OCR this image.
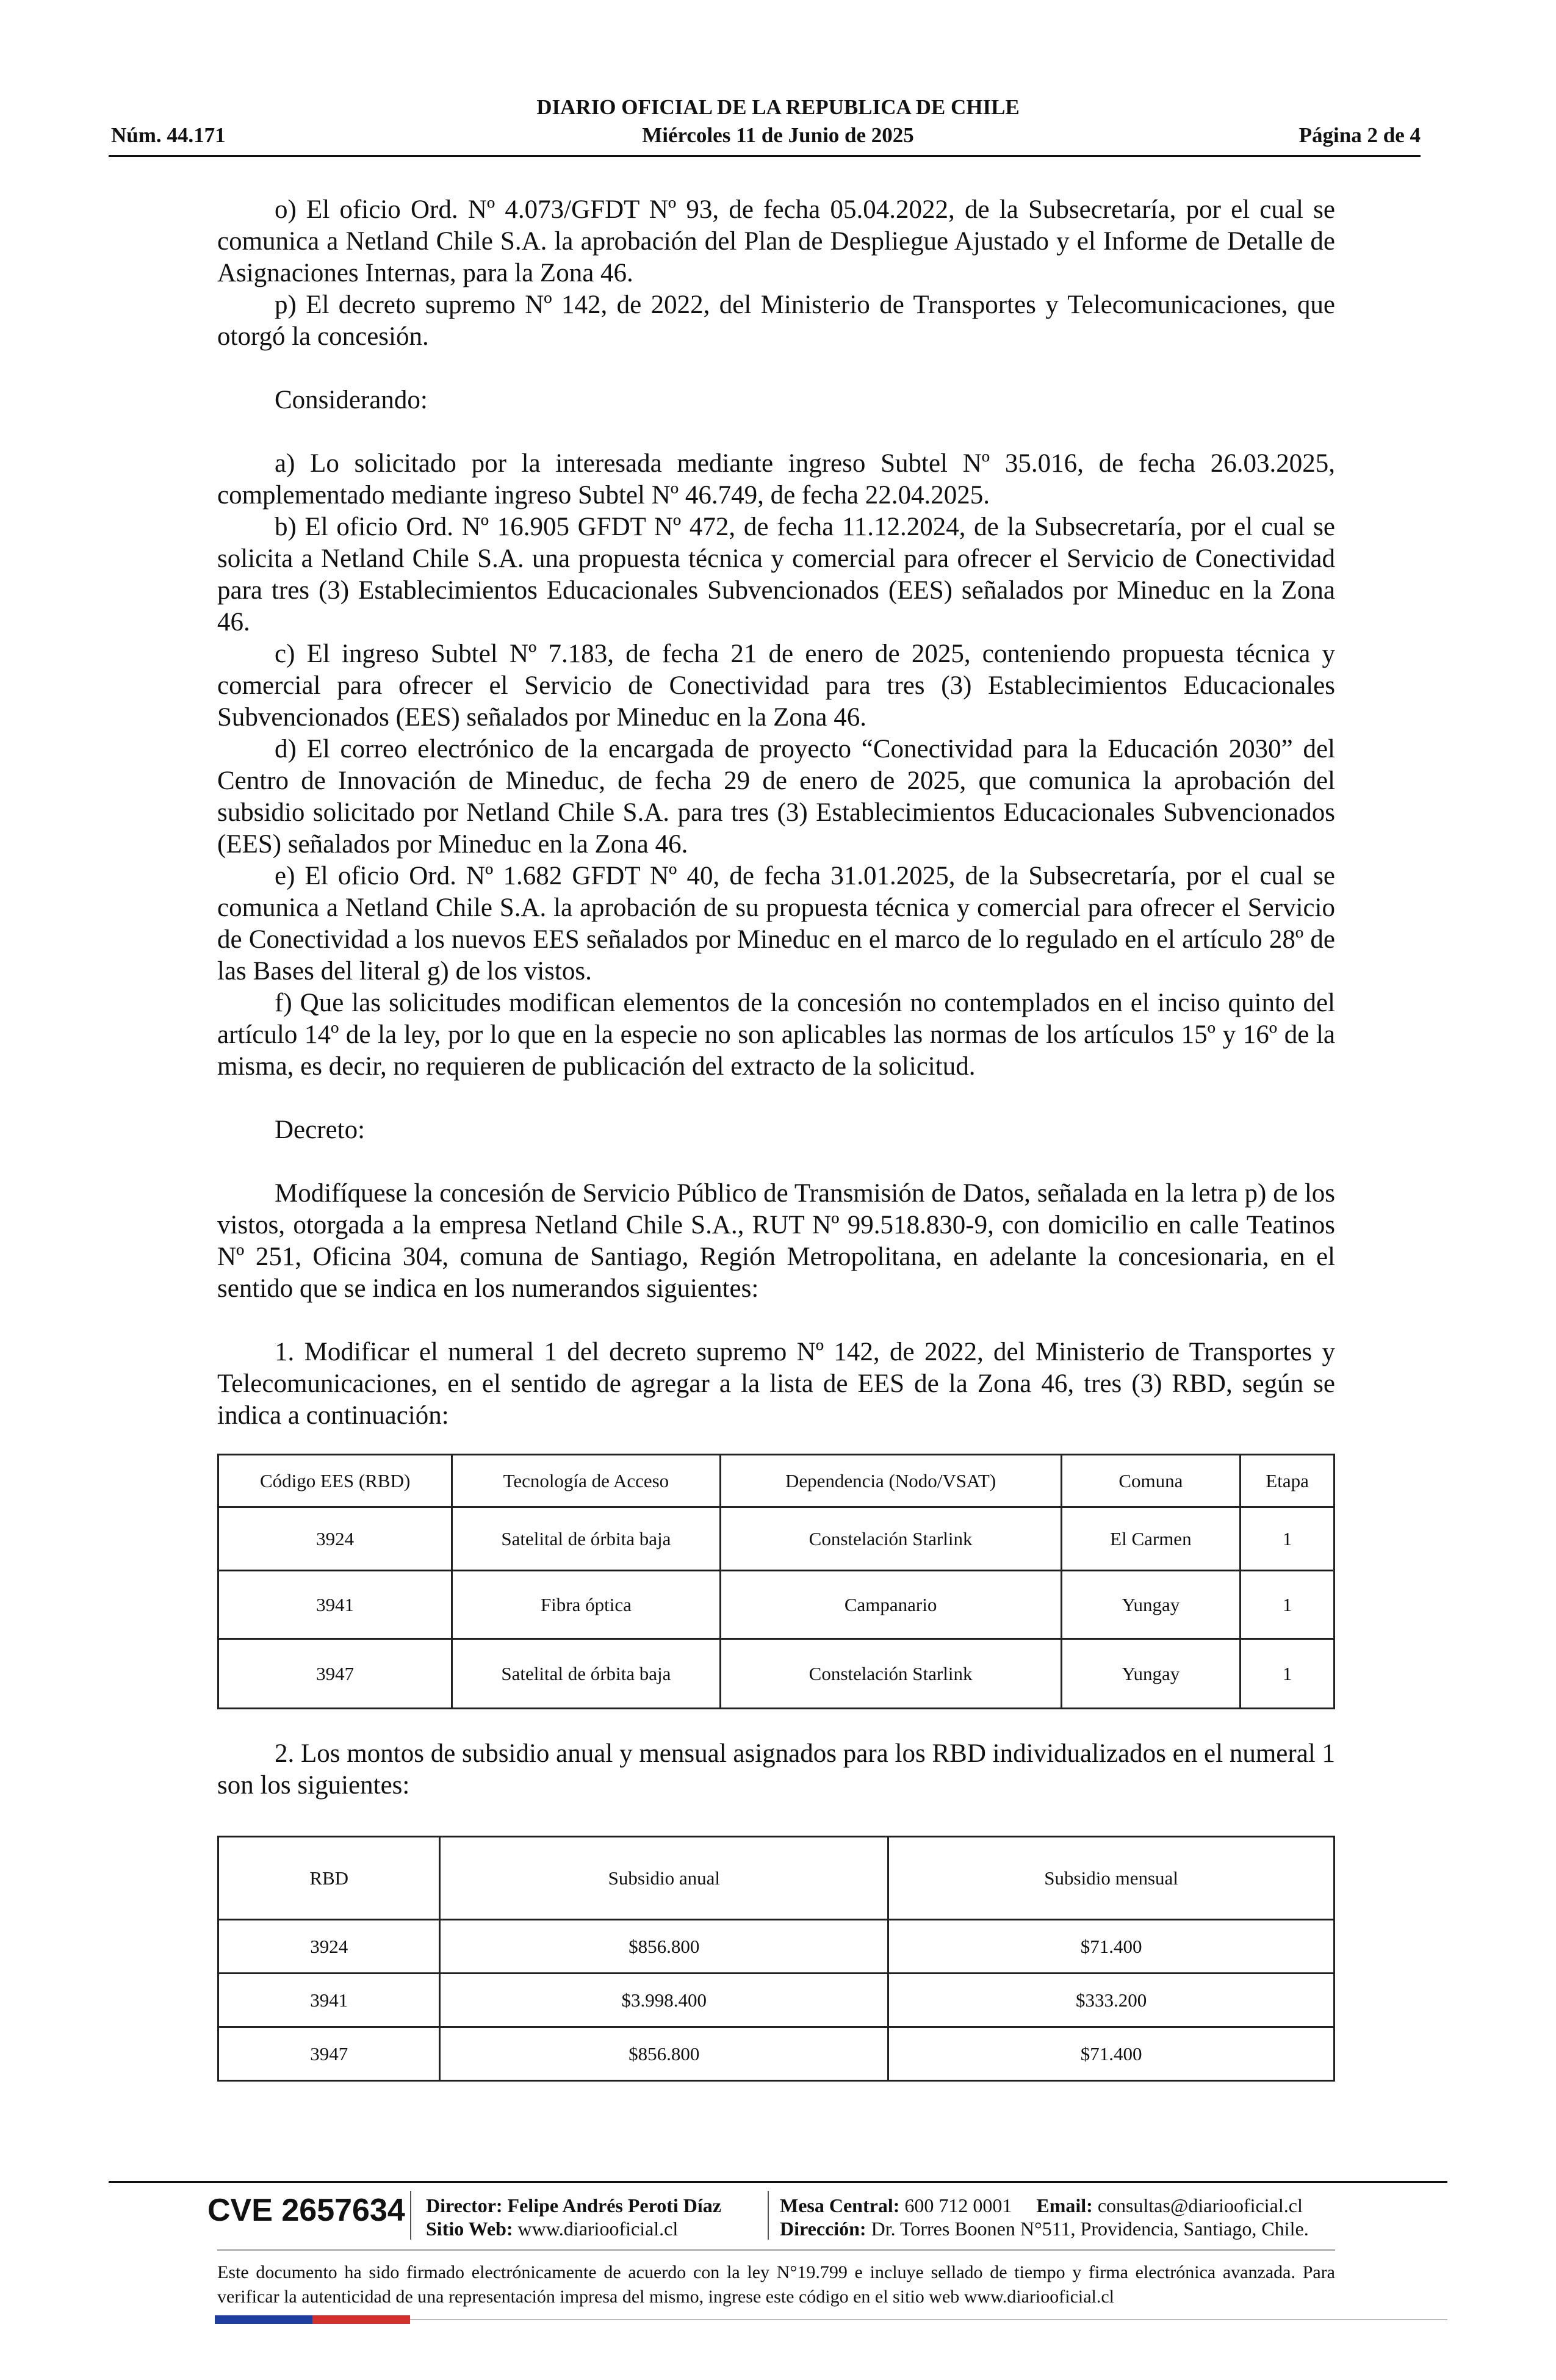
DIARIO OFICIAL DE LA REPUBLICA DE CHILE
Núm. 44.171	Miércoles 11 de Junio de 2025	Página 2 de 4

o) El oficio Ord. Nº 4.073/GFDT Nº 93, de fecha 05.04.2022, de la Subsecretaría, por el cual se comunica a Netland Chile S.A. la aprobación del Plan de Despliegue Ajustado y el Informe de Detalle de Asignaciones Internas, para la Zona 46.

p) El decreto supremo Nº 142, de 2022, del Ministerio de Transportes y Telecomunicaciones, que otorgó la concesión.

Considerando:

a) Lo solicitado por la interesada mediante ingreso Subtel Nº 35.016, de fecha 26.03.2025, complementado mediante ingreso Subtel Nº 46.749, de fecha 22.04.2025.

b) El oficio Ord. Nº 16.905 GFDT Nº 472, de fecha 11.12.2024, de la Subsecretaría, por el cual se solicita a Netland Chile S.A. una propuesta técnica y comercial para ofrecer el Servicio de Conectividad para tres (3) Establecimientos Educacionales Subvencionados (EES) señalados por Mineduc en la Zona 46.

c) El ingreso Subtel Nº 7.183, de fecha 21 de enero de 2025, conteniendo propuesta técnica y comercial para ofrecer el Servicio de Conectividad para tres (3) Establecimientos Educacionales Subvencionados (EES) señalados por Mineduc en la Zona 46.

d) El correo electrónico de la encargada de proyecto “Conectividad para la Educación 2030” del Centro de Innovación de Mineduc, de fecha 29 de enero de 2025, que comunica la aprobación del subsidio solicitado por Netland Chile S.A. para tres (3) Establecimientos Educacionales Subvencionados (EES) señalados por Mineduc en la Zona 46.

e) El oficio Ord. Nº 1.682 GFDT Nº 40, de fecha 31.01.2025, de la Subsecretaría, por el cual se comunica a Netland Chile S.A. la aprobación de su propuesta técnica y comercial para ofrecer el Servicio de Conectividad a los nuevos EES señalados por Mineduc en el marco de lo regulado en el artículo 28º de las Bases del literal g) de los vistos.

f) Que las solicitudes modifican elementos de la concesión no contemplados en el inciso quinto del artículo 14º de la ley, por lo que en la especie no son aplicables las normas de los artículos 15º y 16º de la misma, es decir, no requieren de publicación del extracto de la solicitud.

Decreto:

Modifíquese la concesión de Servicio Público de Transmisión de Datos, señalada en la letra p) de los vistos, otorgada a la empresa Netland Chile S.A., RUT Nº 99.518.830-9, con domicilio en calle Teatinos Nº 251, Oficina 304, comuna de Santiago, Región Metropolitana, en adelante la concesionaria, en el sentido que se indica en los numerandos siguientes:

1. Modificar el numeral 1 del decreto supremo Nº 142, de 2022, del Ministerio de Transportes y Telecomunicaciones, en el sentido de agregar a la lista de EES de la Zona 46, tres (3) RBD, según se indica a continuación:

Código EES (RBD)	Tecnología de Acceso	Dependencia (Nodo/VSAT)	Comuna	Etapa
3924	Satelital de órbita baja	Constelación Starlink	El Carmen	1
3941	Fibra óptica	Campanario	Yungay	1
3947	Satelital de órbita baja	Constelación Starlink	Yungay	1

2. Los montos de subsidio anual y mensual asignados para los RBD individualizados en el numeral 1 son los siguientes:

RBD	Subsidio anual	Subsidio mensual
3924	$856.800	$71.400
3941	$3.998.400	$333.200
3947	$856.800	$71.400
CVE 2657634 Director: Felipe Andrés Peroti Díaz
Sitio Web: www.diariooficial.cl
Mesa Central: 600 712 0001 Email: consultas@diariooficial.cl
Dirección: Dr. Torres Boonen N°511, Providencia, Santiago, Chile.
Este documento ha sido firmado electrónicamente de acuerdo con la ley N°19.799 e incluye sellado de tiempo y firma electrónica avanzada. Para verificar la autenticidad de una representación impresa del mismo, ingrese este código en el sitio web www.diariooficial.cl
